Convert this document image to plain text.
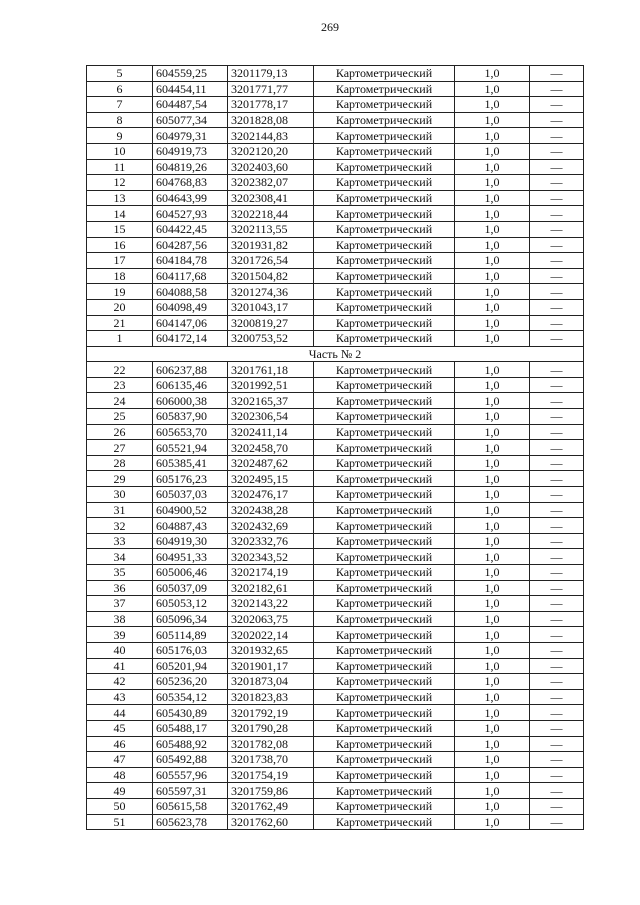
269
5	604559,25	3201179,13	Картометрический	1,0	—
6	604454,11	3201771,77	Картометрический	1,0	—
7	604487,54	3201778,17	Картометрический	1,0	—
8	605077,34	3201828,08	Картометрический	1,0	—
9	604979,31	3202144,83	Картометрический	1,0	—
10	604919,73	3202120,20	Картометрический	1,0	—
11	604819,26	3202403,60	Картометрический	1,0	—
12	604768,83	3202382,07	Картометрический	1,0	—
13	604643,99	3202308,41	Картометрический	1,0	—
14	604527,93	3202218,44	Картометрический	1,0	—
15	604422,45	3202113,55	Картометрический	1,0	—
16	604287,56	3201931,82	Картометрический	1,0	—
17	604184,78	3201726,54	Картометрический	1,0	—
18	604117,68	3201504,82	Картометрический	1,0	—
19	604088,58	3201274,36	Картометрический	1,0	—
20	604098,49	3201043,17	Картометрический	1,0	—
21	604147,06	3200819,27	Картометрический	1,0	—
1	604172,14	3200753,52	Картометрический	1,0	—
Часть № 2					
22	606237,88	3201761,18	Картометрический	1,0	—
23	606135,46	3201992,51	Картометрический	1,0	—
24	606000,38	3202165,37	Картометрический	1,0	—
25	605837,90	3202306,54	Картометрический	1,0	—
26	605653,70	3202411,14	Картометрический	1,0	—
27	605521,94	3202458,70	Картометрический	1,0	—
28	605385,41	3202487,62	Картометрический	1,0	—
29	605176,23	3202495,15	Картометрический	1,0	—
30	605037,03	3202476,17	Картометрический	1,0	—
31	604900,52	3202438,28	Картометрический	1,0	—
32	604887,43	3202432,69	Картометрический	1,0	—
33	604919,30	3202332,76	Картометрический	1,0	—
34	604951,33	3202343,52	Картометрический	1,0	—
35	605006,46	3202174,19	Картометрический	1,0	—
36	605037,09	3202182,61	Картометрический	1,0	—
37	605053,12	3202143,22	Картометрический	1,0	—
38	605096,34	3202063,75	Картометрический	1,0	—
39	605114,89	3202022,14	Картометрический	1,0	—
40	605176,03	3201932,65	Картометрический	1,0	—
41	605201,94	3201901,17	Картометрический	1,0	—
42	605236,20	3201873,04	Картометрический	1,0	—
43	605354,12	3201823,83	Картометрический	1,0	—
44	605430,89	3201792,19	Картометрический	1,0	—
45	605488,17	3201790,28	Картометрический	1,0	—
46	605488,92	3201782,08	Картометрический	1,0	—
47	605492,88	3201738,70	Картометрический	1,0	—
48	605557,96	3201754,19	Картометрический	1,0	—
49	605597,31	3201759,86	Картометрический	1,0	—
50	605615,58	3201762,49	Картометрический	1,0	—
51	605623,78	3201762,60	Картометрический	1,0	—
